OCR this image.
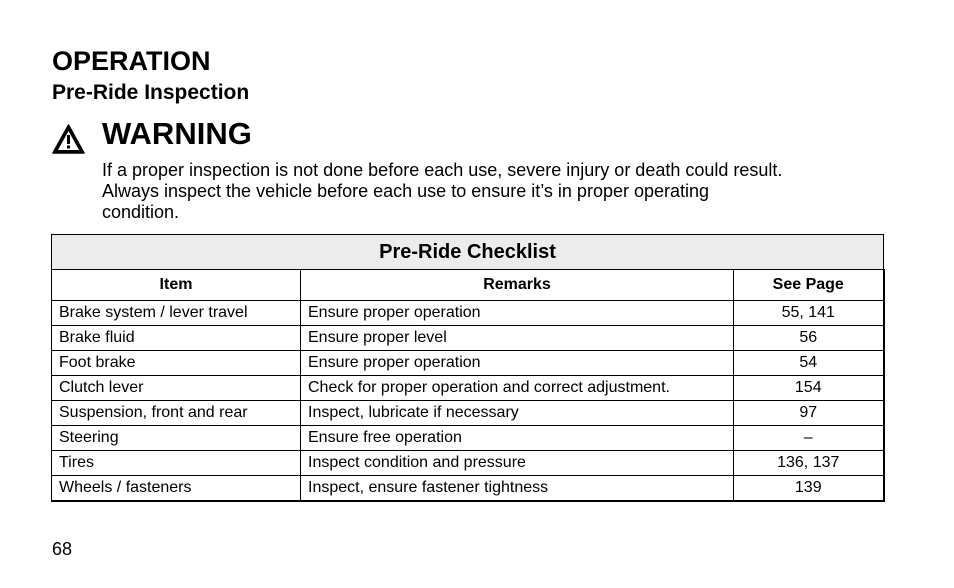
OPERATION
Pre-Ride Inspection
WARNING
If a proper inspection is not done before each use, severe injury or death could result.
Always inspect the vehicle before each use to ensure it’s in proper operating
condition.
Pre-Ride Checklist		
Item	Remarks	See Page
Brake system / lever travel	Ensure proper operation	55, 141
Brake fluid	Ensure proper level	56
Foot brake	Ensure proper operation	54
Clutch lever	Check for proper operation and correct adjustment.	154
Suspension, front and rear	Inspect, lubricate if necessary	97
Steering	Ensure free operation	–
Tires	Inspect condition and pressure	136, 137
Wheels / fasteners	Inspect, ensure fastener tightness	139
68
